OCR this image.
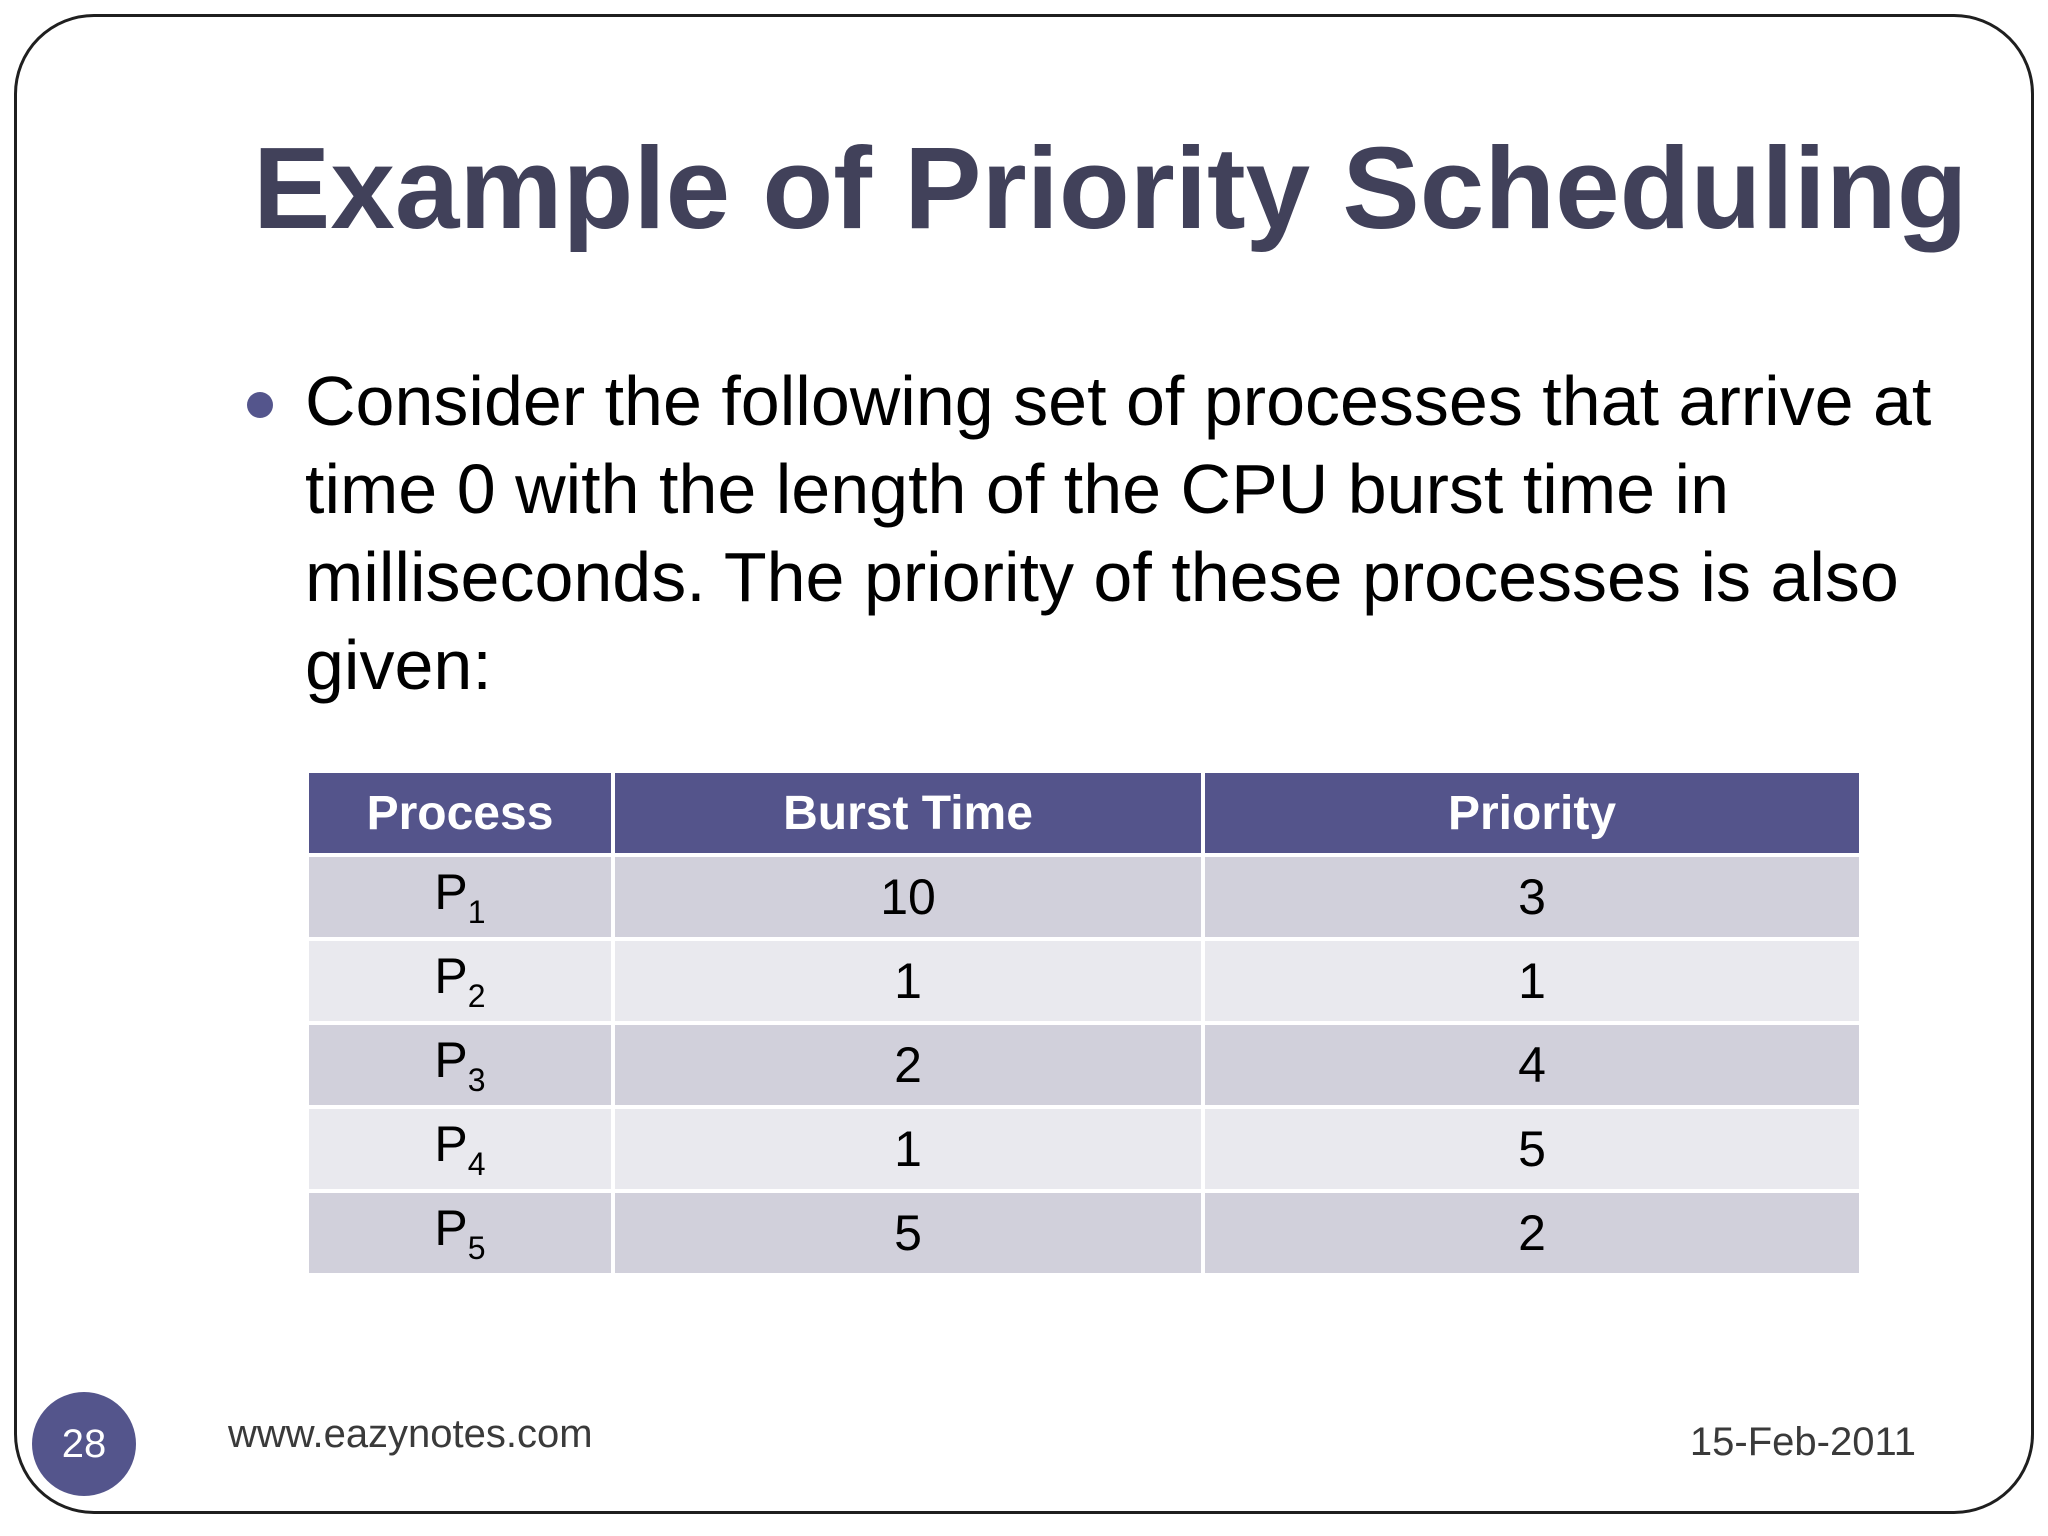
Example of Priority Scheduling

Consider the following set of processes that arrive at time 0 with the length of the CPU burst time in milliseconds. The priority of these processes is also given:

Process	Burst Time	Priority
$P_1$	10	3
$P_2$	1	1
$P_3$	2	4
$P_4$	1	5
$P_5$	5	2
28	www.eazynotes.com	15-Feb-2011
